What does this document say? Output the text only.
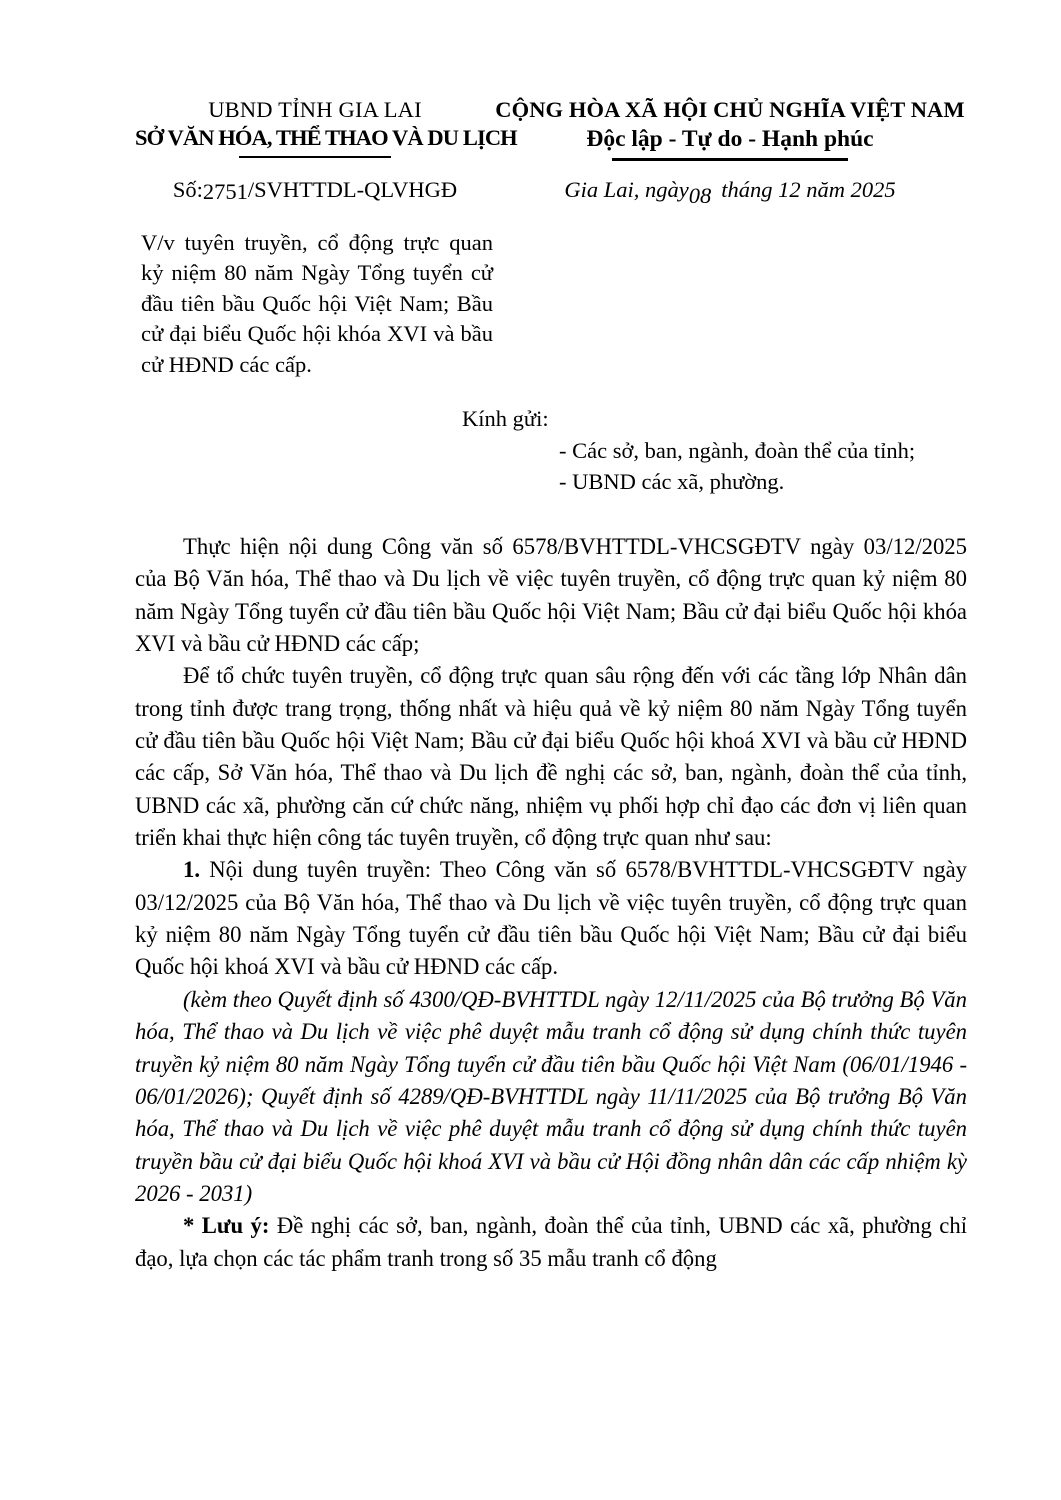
UBND TỈNH GIA LAI
SỞ VĂN HÓA, THỂ THAO VÀ DU LỊCH
CỘNG HÒA XÃ HỘI CHỦ NGHĨA VIỆT NAM
Độc lập - Tự do - Hạnh phúc
Số:2751/SVHTTDL-QLVHGĐ	Gia Lai, ngày08 tháng 12 năm 2025
V/v tuyên truyền, cổ động trực quan kỷ niệm 80 năm Ngày Tổng tuyển cử đầu tiên bầu Quốc hội Việt Nam; Bầu cử đại biểu Quốc hội khóa XVI và bầu cử HĐND các cấp.
Kính gửi:
- Các sở, ban, ngành, đoàn thể của tỉnh;
- UBND các xã, phường.

Thực hiện nội dung Công văn số 6578/BVHTTDL-VHCSGĐTV ngày 03/12/2025 của Bộ Văn hóa, Thể thao và Du lịch về việc tuyên truyền, cổ động trực quan kỷ niệm 80 năm Ngày Tổng tuyển cử đầu tiên bầu Quốc hội Việt Nam; Bầu cử đại biểu Quốc hội khóa XVI và bầu cử HĐND các cấp;

Để tổ chức tuyên truyền, cổ động trực quan sâu rộng đến với các tầng lớp Nhân dân trong tỉnh được trang trọng, thống nhất và hiệu quả về kỷ niệm 80 năm Ngày Tổng tuyển cử đầu tiên bầu Quốc hội Việt Nam; Bầu cử đại biểu Quốc hội khoá XVI và bầu cử HĐND các cấp, Sở Văn hóa, Thể thao và Du lịch đề nghị các sở, ban, ngành, đoàn thể của tỉnh, UBND các xã, phường căn cứ chức năng, nhiệm vụ phối hợp chỉ đạo các đơn vị liên quan triển khai thực hiện công tác tuyên truyền, cổ động trực quan như sau:

1. Nội dung tuyên truyền: Theo Công văn số 6578/BVHTTDL-VHCSGĐTV ngày 03/12/2025 của Bộ Văn hóa, Thể thao và Du lịch về việc tuyên truyền, cổ động trực quan kỷ niệm 80 năm Ngày Tổng tuyển cử đầu tiên bầu Quốc hội Việt Nam; Bầu cử đại biểu Quốc hội khoá XVI và bầu cử HĐND các cấp.

(kèm theo Quyết định số 4300/QĐ-BVHTTDL ngày 12/11/2025 của Bộ trưởng Bộ Văn hóa, Thể thao và Du lịch về việc phê duyệt mẫu tranh cổ động sử dụng chính thức tuyên truyền kỷ niệm 80 năm Ngày Tổng tuyển cử đầu tiên bầu Quốc hội Việt Nam (06/01/1946 - 06/01/2026); Quyết định số 4289/QĐ-BVHTTDL ngày 11/11/2025 của Bộ trưởng Bộ Văn hóa, Thể thao và Du lịch về việc phê duyệt mẫu tranh cổ động sử dụng chính thức tuyên truyền bầu cử đại biểu Quốc hội khoá XVI và bầu cử Hội đồng nhân dân các cấp nhiệm kỳ 2026 - 2031)

* Lưu ý: Đề nghị các sở, ban, ngành, đoàn thể của tỉnh, UBND các xã, phường chỉ đạo, lựa chọn các tác phẩm tranh trong số 35 mẫu tranh cổ động
